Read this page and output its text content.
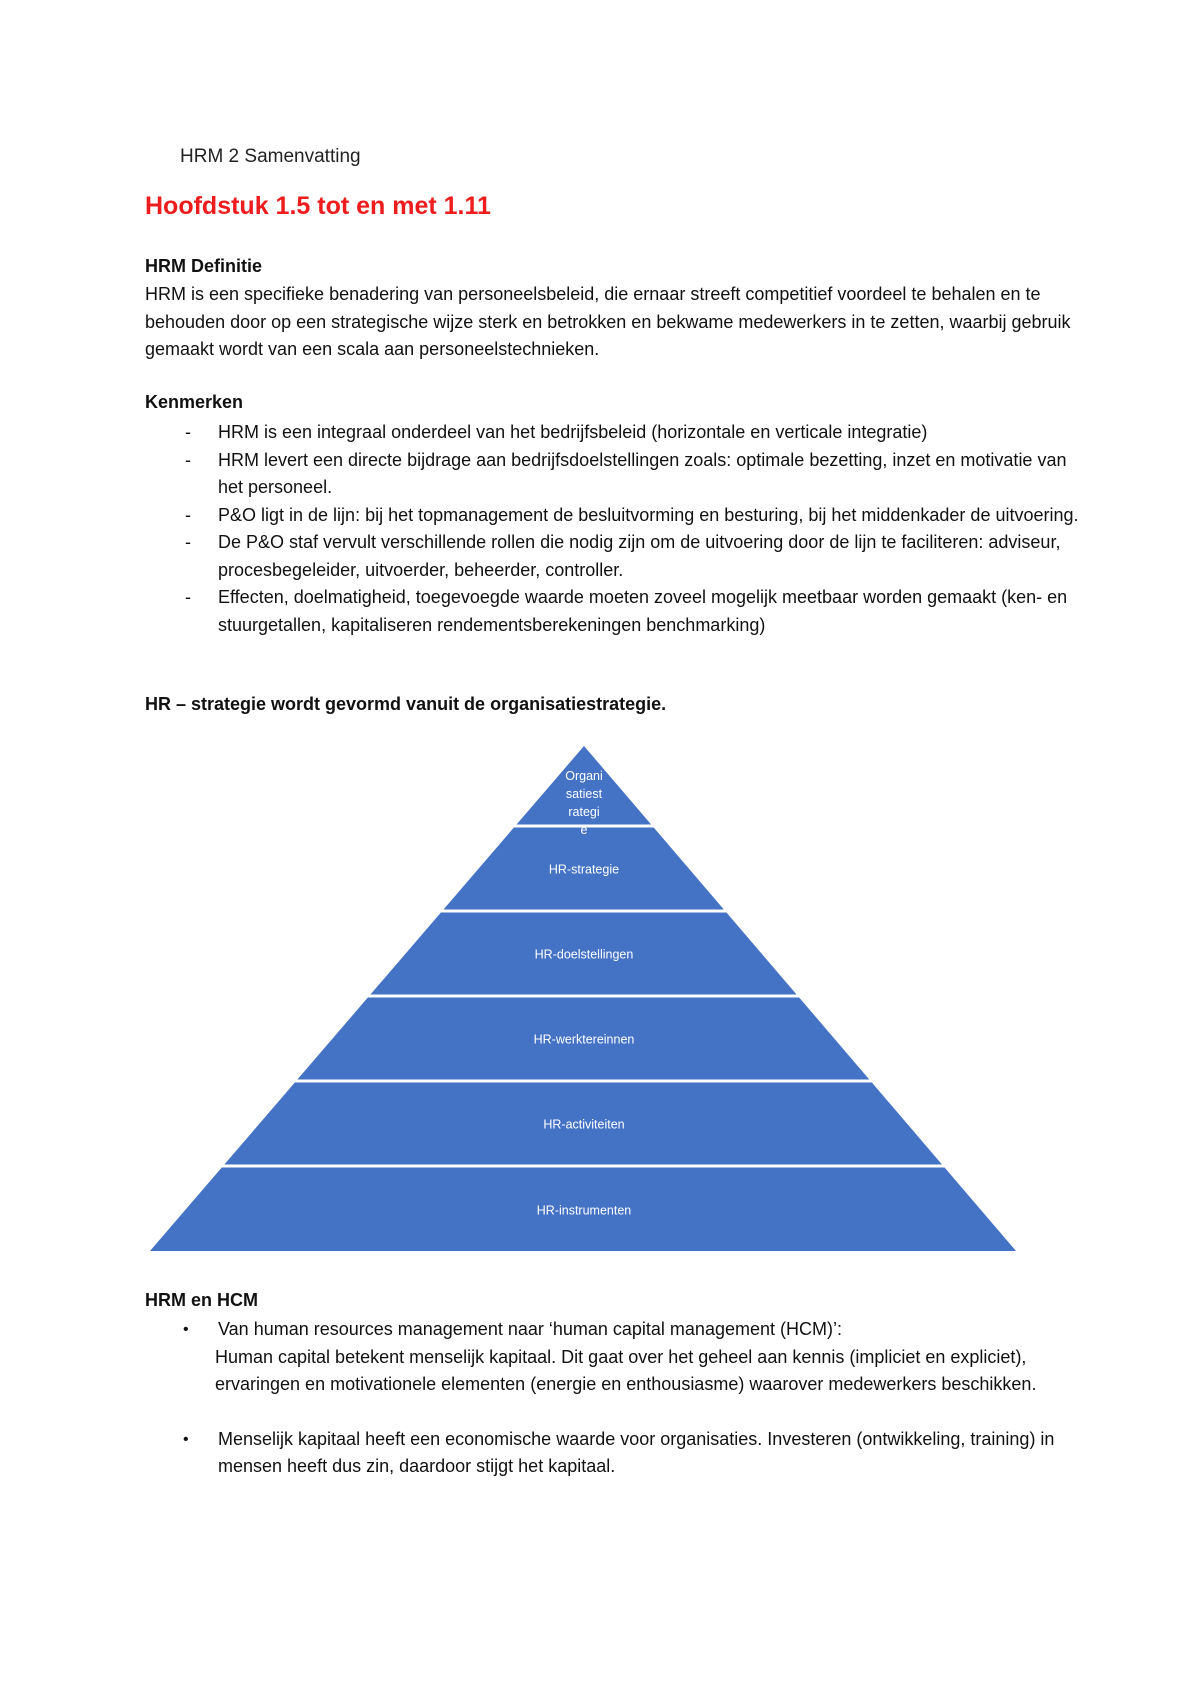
HRM 2 Samenvatting
Hoofdstuk 1.5 tot en met 1.11
HRM Definitie

HRM is een specifieke benadering van personeelsbeleid, die ernaar streeft competitief voordeel te behalen en te behouden door op een strategische wijze sterk en betrokken en bekwame medewerkers in te zetten, waarbij gebruik gemaakt wordt van een scala aan personeelstechnieken.

Kenmerken
-	HRM is een integraal onderdeel van het bedrijfsbeleid (horizontale en verticale integratie)
-	HRM levert een directe bijdrage aan bedrijfsdoelstellingen zoals: optimale bezetting, inzet en motivatie van het personeel.
-	P&O ligt in de lijn: bij het topmanagement de besluitvorming en besturing, bij het middenkader de uitvoering.
-	De P&O staf vervult verschillende rollen die nodig zijn om de uitvoering door de lijn te faciliteren: adviseur, procesbegeleider, uitvoerder, beheerder, controller.
-	Effecten, doelmatigheid, toegevoegde waarde moeten zoveel mogelijk meetbaar worden gemaakt (ken- en stuurgetallen, kapitaliseren rendementsberekeningen benchmarking)
HR – strategie wordt gevormd vanuit de organisatiestrategie.
Organi
satiest
rategi
e
HR-strategie
HR-doelstellingen
HR-werktereinnen
HR-activiteiten
HR-instrumenten
HRM en HCM
•	Van human resources management naar ‘human capital management (HCM)’:
Human capital betekent menselijk kapitaal. Dit gaat over het geheel aan kennis (impliciet en expliciet), ervaringen en motivationele elementen (energie en enthousiasme) waarover medewerkers beschikken.
•	Menselijk kapitaal heeft een economische waarde voor organisaties. Investeren (ontwikkeling, training) in mensen heeft dus zin, daardoor stijgt het kapitaal.
